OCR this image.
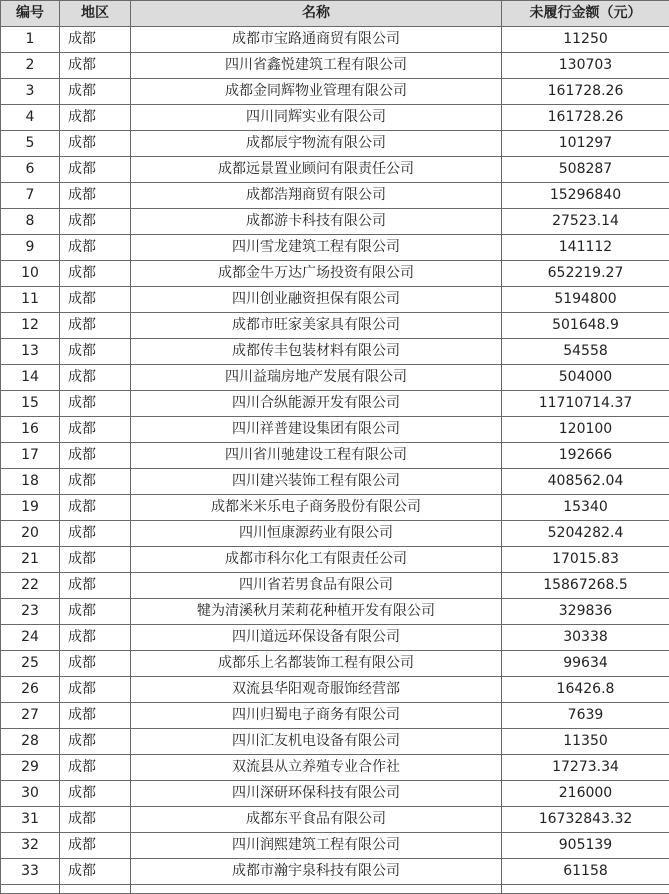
编号	地区	名称	未履行金额（元）
1	成都	成都市宝路通商贸有限公司	11250
2	成都	四川省鑫悦建筑工程有限公司	130703
3	成都	成都金同辉物业管理有限公司	161728.26
4	成都	四川同辉实业有限公司	161728.26
5	成都	成都辰宇物流有限公司	101297
6	成都	成都远景置业顾问有限责任公司	508287
7	成都	成都浩翔商贸有限公司	15296840
8	成都	成都游卡科技有限公司	27523.14
9	成都	四川雪龙建筑工程有限公司	141112
10	成都	成都金牛万达广场投资有限公司	652219.27
11	成都	四川创业融资担保有限公司	5194800
12	成都	成都市旺家美家具有限公司	501648.9
13	成都	成都传丰包装材料有限公司	54558
14	成都	四川益瑞房地产发展有限公司	504000
15	成都	四川合纵能源开发有限公司	11710714.37
16	成都	四川祥普建设集团有限公司	120100
17	成都	四川省川驰建设工程有限公司	192666
18	成都	四川建兴装饰工程有限公司	408562.04
19	成都	成都米米乐电子商务股份有限公司	15340
20	成都	四川恒康源药业有限公司	5204282.4
21	成都	成都市科尔化工有限责任公司	17015.83
22	成都	四川省若男食品有限公司	15867268.5
23	成都	犍为清溪秋月茉莉花种植开发有限公司	329836
24	成都	四川道远环保设备有限公司	30338
25	成都	成都乐上名都装饰工程有限公司	99634
26	成都	双流县华阳观奇服饰经营部	16426.8
27	成都	四川归蜀电子商务有限公司	7639
28	成都	四川汇友机电设备有限公司	11350
29	成都	双流县从立养殖专业合作社	17273.34
30	成都	四川深研环保科技有限公司	216000
31	成都	成都东平食品有限公司	16732843.32
32	成都	四川润熙建筑工程有限公司	905139
33	成都	成都市瀚宇泉科技有限公司	61158
